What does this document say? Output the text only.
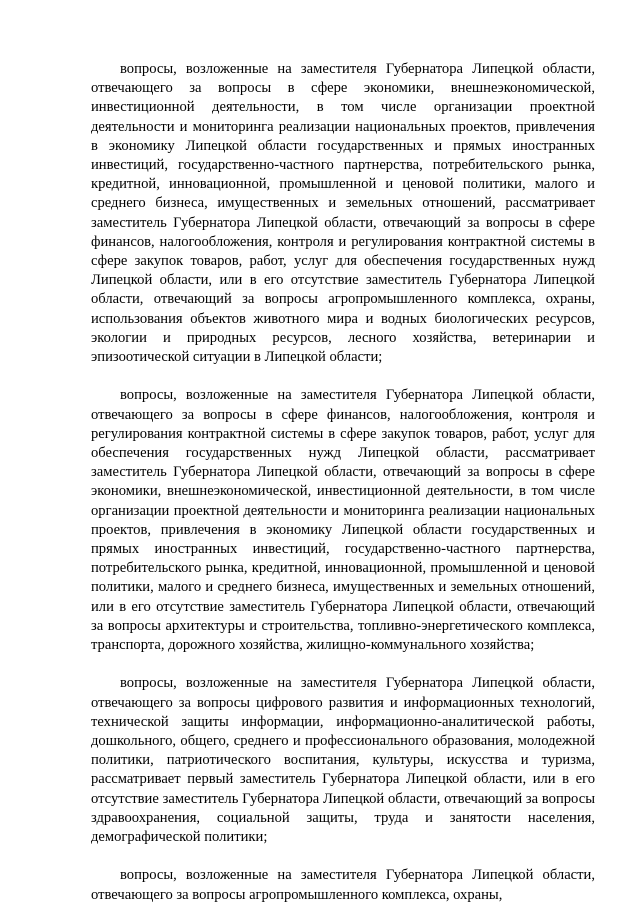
вопросы, возложенные на заместителя Губернатора Липецкой области, отвечающего за вопросы в сфере экономики, внешнеэкономической, инвестиционной деятельности, в том числе организации проектной деятельности и мониторинга реализации национальных проектов, привлечения в экономику Липецкой области государственных и прямых иностранных инвестиций, государственно-частного партнерства, потребительского рынка, кредитной, инновационной, промышленной и ценовой политики, малого и среднего бизнеса, имущественных и земельных отношений, рассматривает заместитель Губернатора Липецкой области, отвечающий за вопросы в сфере финансов, налогообложения, контроля и регулирования контрактной системы в сфере закупок товаров, работ, услуг для обеспечения государственных нужд Липецкой области, или в его отсутствие заместитель Губернатора Липецкой области, отвечающий за вопросы агропромышленного комплекса, охраны, использования объектов животного мира и водных биологических ресурсов, экологии и природных ресурсов, лесного хозяйства, ветеринарии и эпизоотической ситуации в Липецкой области;

вопросы, возложенные на заместителя Губернатора Липецкой области, отвечающего за вопросы в сфере финансов, налогообложения, контроля и регулирования контрактной системы в сфере закупок товаров, работ, услуг для обеспечения государственных нужд Липецкой области, рассматривает заместитель Губернатора Липецкой области, отвечающий за вопросы в сфере экономики, внешнеэкономической, инвестиционной деятельности, в том числе организации проектной деятельности и мониторинга реализации национальных проектов, привлечения в экономику Липецкой области государственных и прямых иностранных инвестиций, государственно-частного партнерства, потребительского рынка, кредитной, инновационной, промышленной и ценовой политики, малого и среднего бизнеса, имущественных и земельных отношений, или в его отсутствие заместитель Губернатора Липецкой области, отвечающий за вопросы архитектуры и строительства, топливно-энергетического комплекса, транспорта, дорожного хозяйства, жилищно-коммунального хозяйства;

вопросы, возложенные на заместителя Губернатора Липецкой области, отвечающего за вопросы цифрового развития и информационных технологий, технической защиты информации, информационно-аналитической работы, дошкольного, общего, среднего и профессионального образования, молодежной политики, патриотического воспитания, культуры, искусства и туризма, рассматривает первый заместитель Губернатора Липецкой области, или в его отсутствие заместитель Губернатора Липецкой области, отвечающий за вопросы здравоохранения, социальной защиты, труда и занятости населения, демографической политики;

вопросы, возложенные на заместителя Губернатора Липецкой области, отвечающего за вопросы агропромышленного комплекса, охраны,
